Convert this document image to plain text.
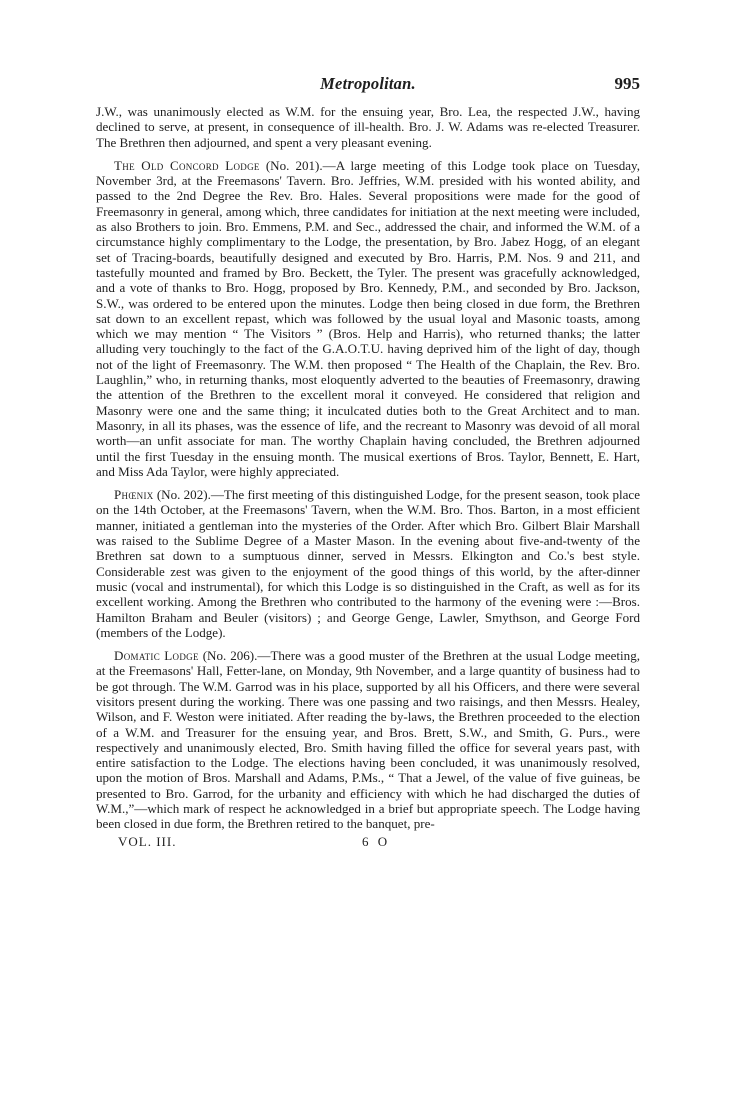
Metropolitan.	995

J.W., was unanimously elected as W.M. for the ensuing year, Bro. Lea, the respected J.W., having declined to serve, at present, in consequence of ill-health. Bro. J. W. Adams was re-elected Treasurer. The Brethren then adjourned, and spent a very pleasant evening.

The Old Concord Lodge (No. 201).—A large meeting of this Lodge took place on Tuesday, November 3rd, at the Freemasons' Tavern. Bro. Jeffries, W.M. presided with his wonted ability, and passed to the 2nd Degree the Rev. Bro. Hales. Several propositions were made for the good of Freemasonry in general, among which, three candidates for initiation at the next meeting were included, as also Brothers to join. Bro. Emmens, P.M. and Sec., addressed the chair, and informed the W.M. of a circumstance highly complimentary to the Lodge, the presentation, by Bro. Jabez Hogg, of an elegant set of Tracing-boards, beautifully designed and executed by Bro. Harris, P.M. Nos. 9 and 211, and tastefully mounted and framed by Bro. Beckett, the Tyler. The present was gracefully acknowledged, and a vote of thanks to Bro. Hogg, proposed by Bro. Kennedy, P.M., and seconded by Bro. Jackson, S.W., was ordered to be entered upon the minutes. Lodge then being closed in due form, the Brethren sat down to an excellent repast, which was followed by the usual loyal and Masonic toasts, among which we may mention “ The Visitors ” (Bros. Help and Harris), who returned thanks; the latter alluding very touchingly to the fact of the G.A.O.T.U. having deprived him of the light of day, though not of the light of Freemasonry. The W.M. then proposed “ The Health of the Chaplain, the Rev. Bro. Laughlin,” who, in returning thanks, most eloquently adverted to the beauties of Freemasonry, drawing the attention of the Brethren to the excellent moral it conveyed. He considered that religion and Masonry were one and the same thing; it inculcated duties both to the Great Architect and to man. Masonry, in all its phases, was the essence of life, and the recreant to Masonry was devoid of all moral worth—an unfit associate for man. The worthy Chaplain having concluded, the Brethren adjourned until the first Tuesday in the ensuing month. The musical exertions of Bros. Taylor, Bennett, E. Hart, and Miss Ada Taylor, were highly appreciated.

Phœnix (No. 202).—The first meeting of this distinguished Lodge, for the present season, took place on the 14th October, at the Freemasons' Tavern, when the W.M. Bro. Thos. Barton, in a most efficient manner, initiated a gentleman into the mysteries of the Order. After which Bro. Gilbert Blair Marshall was raised to the Sublime Degree of a Master Mason. In the evening about five-and-twenty of the Brethren sat down to a sumptuous dinner, served in Messrs. Elkington and Co.'s best style. Considerable zest was given to the enjoyment of the good things of this world, by the after-dinner music (vocal and instrumental), for which this Lodge is so distinguished in the Craft, as well as for its excellent working. Among the Brethren who contributed to the harmony of the evening were :—Bros. Hamilton Braham and Beuler (visitors) ; and George Genge, Lawler, Smythson, and George Ford (members of the Lodge).

Domatic Lodge (No. 206).—There was a good muster of the Brethren at the usual Lodge meeting, at the Freemasons' Hall, Fetter-lane, on Monday, 9th November, and a large quantity of business had to be got through. The W.M. Garrod was in his place, supported by all his Officers, and there were several visitors present during the working. There was one passing and two raisings, and then Messrs. Healey, Wilson, and F. Weston were initiated. After reading the by-laws, the Brethren proceeded to the election of a W.M. and Treasurer for the ensuing year, and Bros. Brett, S.W., and Smith, G. Purs., were respectively and unanimously elected, Bro. Smith having filled the office for several years past, with entire satisfaction to the Lodge. The elections having been concluded, it was unanimously resolved, upon the motion of Bros. Marshall and Adams, P.Ms., “ That a Jewel, of the value of five guineas, be presented to Bro. Garrod, for the urbanity and efficiency with which he had discharged the duties of W.M.,”—which mark of respect he acknowledged in a brief but appropriate speech. The Lodge having been closed in due form, the Brethren retired to the banquet, pre-

VOL. III.	6 O
